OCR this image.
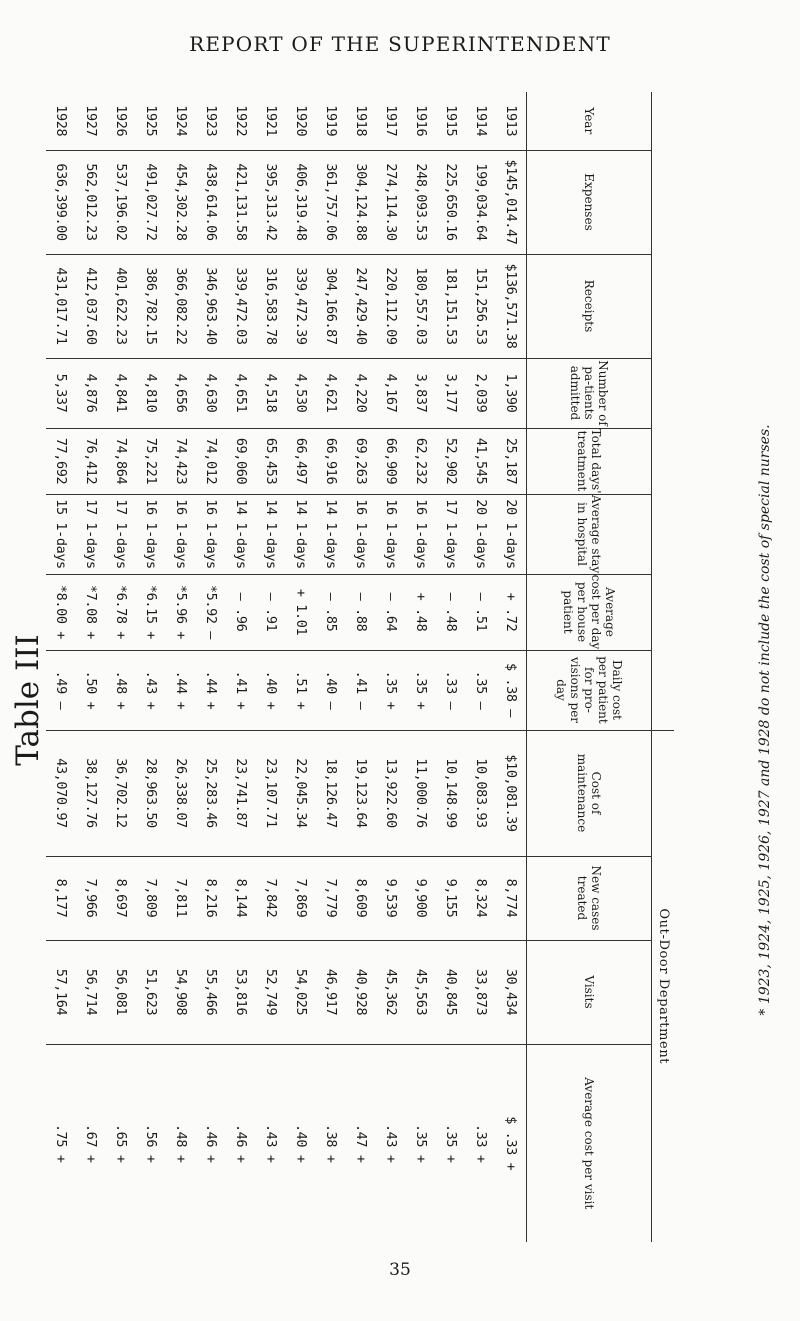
REPORT OF THE SUPERINTENDENT
Table III
								Out-Door Department			
Year	Expenses	Receipts	Number of pa-tients admitted	Total days' treatment	Average stay in hospital	Average cost per day per house patient	Daily cost per patient for pro-visions per day	Cost of maintenance	New cases treated	Visits	Average cost per visit
1913	$145,014.47	$136,571.38	1,390	25,187	20 1-days	+ .72	$ .38 —	$10,081.39	8,774	30,434	$ .33 +
1914	199,034.64	151,256.53	2,039	41,545	20 1-days	— .51	.35 —	10,083.93	8,324	33,873	.33 +
1915	225,650.16	181,151.53	3,177	52,902	17 1-days	— .48	.33 —	10,148.99	9,155	40,845	.35 +
1916	248,093.53	180,557.03	3,837	62,232	16 1-days	+ .48	.35 +	11,000.76	9,900	45,563	.35 +
1917	274,114.30	220,112.09	4,167	66,909	16 1-days	— .64	.35 +	13,922.60	9,539	45,362	.43 +
1918	304,124.88	247,429.40	4,220	69,263	16 1-days	— .88	.41 —	19,123.64	8,609	40,928	.47 +
1919	361,757.06	304,166.87	4,621	66,916	14 1-days	— .85	.40 —	18,126.47	7,779	46,917	.38 +
1920	406,319.48	339,472.39	4,530	66,497	14 1-days	+ 1.01	.51 +	22,045.34	7,869	54,025	.40 +
1921	395,313.42	316,583.78	4,518	65,453	14 1-days	— .91	.40 +	23,107.71	7,842	52,749	.43 +
1922	421,131.58	339,472.03	4,651	69,060	14 1-days	— .96	.41 +	23,741.87	8,144	53,816	.46 +
1923	438,614.06	346,963.40	4,630	74,012	16 1-days	*5.92 —	.44 +	25,283.46	8,216	55,466	.46 +
1924	454,302.28	366,082.22	4,656	74,423	16 1-days	*5.96 +	.44 +	26,338.07	7,811	54,908	.48 +
1925	491,027.72	386,782.15	4,810	75,221	16 1-days	*6.15 +	.43 +	28,963.50	7,809	51,623	.56 +
1926	537,196.02	401,622.23	4,841	74,864	17 1-days	*6.78 +	.48 +	36,702.12	8,697	56,081	.65 +
1927	562,012.23	412,037.60	4,876	76,412	17 1-days	*7.08 +	.50 +	38,127.76	7,966	56,714	.67 +
1928	636,399.00	431,017.71	5,337	77,692	15 1-days	*8.00 +	.49 —	43,070.97	8,177	57,164	.75 +
* 1923, 1924, 1925, 1926, 1927 and 1928 do not include the cost of special nurses.
35
